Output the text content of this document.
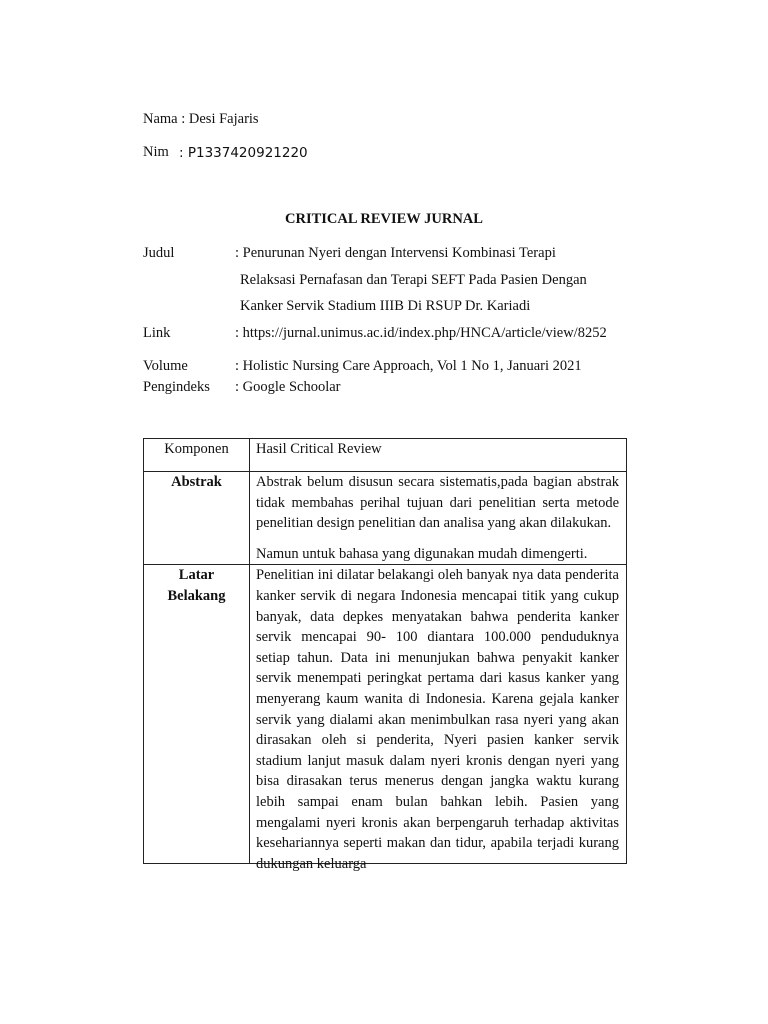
Nama : Desi Fajaris
Nim : P1337420921220
CRITICAL REVIEW JURNAL
Judul	: Penurunan Nyeri dengan Intervensi Kombinasi Terapi
Relaksasi Pernafasan dan Terapi SEFT Pada Pasien Dengan
Kanker Servik Stadium IIIB Di RSUP Dr. Kariadi
Link	: https://jurnal.unimus.ac.id/index.php/HNCA/article/view/8252
Volume	: Holistic Nursing Care Approach, Vol 1 No 1, Januari 2021
Pengindeks : Google Schoolar
Komponen	Hasil Critical Review
Abstrak	Abstrak belum disusun secara sistematis,pada bagian abstrak tidak membahas perihal tujuan dari penelitian serta metode penelitian design penelitian dan analisa yang akan dilakukan.
Namun untuk bahasa yang digunakan mudah dimengerti.

Latar
Belakang	Penelitian ini dilatar belakangi oleh banyak nya data penderita kanker servik di negara Indonesia mencapai titik yang cukup banyak, data depkes menyatakan bahwa penderita kanker servik mencapai 90- 100 diantara 100.000 penduduknya setiap tahun. Data ini menunjukan bahwa penyakit kanker servik menempati peringkat pertama dari kasus kanker yang menyerang kaum wanita di Indonesia. Karena gejala kanker servik yang dialami akan menimbulkan rasa nyeri yang akan dirasakan oleh si penderita, Nyeri pasien kanker servik stadium lanjut masuk dalam nyeri kronis dengan nyeri yang bisa dirasakan terus menerus dengan jangka waktu kurang lebih sampai enam bulan bahkan lebih. Pasien yang mengalami nyeri kronis akan berpengaruh terhadap aktivitas kesehariannya seperti makan dan tidur, apabila terjadi kurang dukungan keluarga
